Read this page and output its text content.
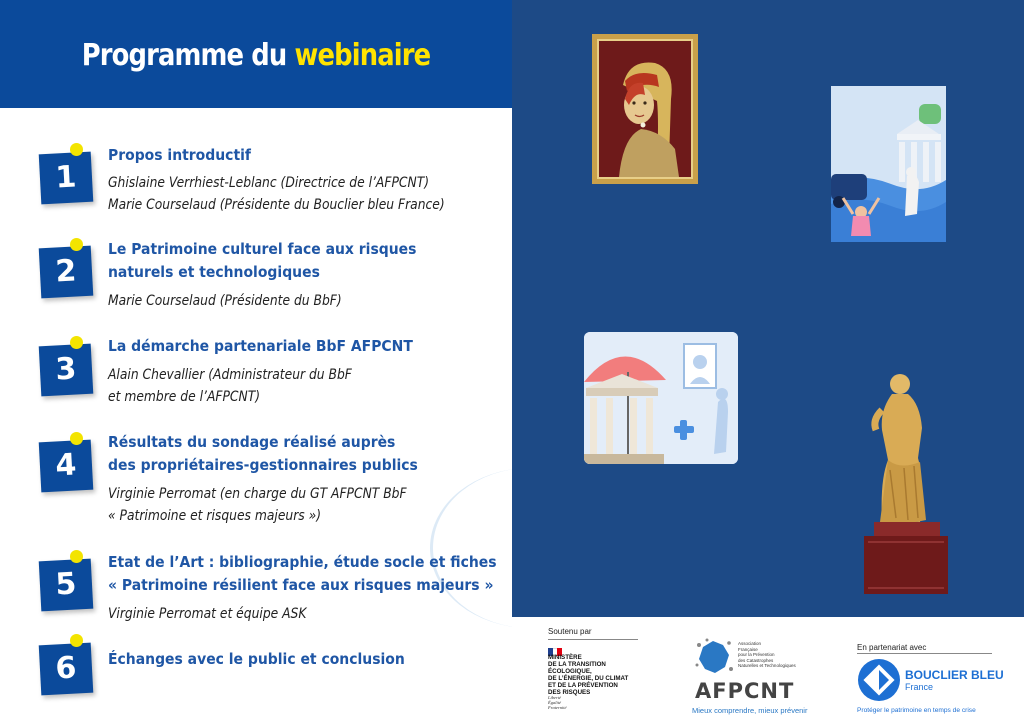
Programme du webinaire
1
Propos introductif
Ghislaine Verrhiest-Leblanc (Directrice de l’AFPCNT)
Marie Courselaud (Présidente du Bouclier bleu France)
2
Le Patrimoine culturel face aux risques
naturels et technologiques
Marie Courselaud (Présidente du BbF)
3
La démarche partenariale BbF AFPCNT
Alain Chevallier (Administrateur du BbF
et membre de l’AFPCNT)
4
Résultats du sondage réalisé auprès
des propriétaires-gestionnaires publics
Virginie Perromat (en charge du GT AFPCNT BbF
« Patrimoine et risques majeurs »)
5
Etat de l’Art : bibliographie, étude socle et fiches
« Patrimoine résilient face aux risques majeurs »
Virginie Perromat et équipe ASK
6	Échanges avec le public et conclusion
Soutenu par
MINISTÈRE
DE LA TRANSITION
ÉCOLOGIQUE,
DE L’ÉNERGIE, DU CLIMAT
ET DE LA PRÉVENTION
DES RISQUES
Liberté
Égalité
Fraternité
Association
Française
pour la Prévention
des Catastrophes
Naturelles et Technologiques
AFPCNT
Mieux comprendre, mieux prévenir
En partenariat avec
BOUCLIER BLEU
France
Protéger le patrimoine en temps de crise
